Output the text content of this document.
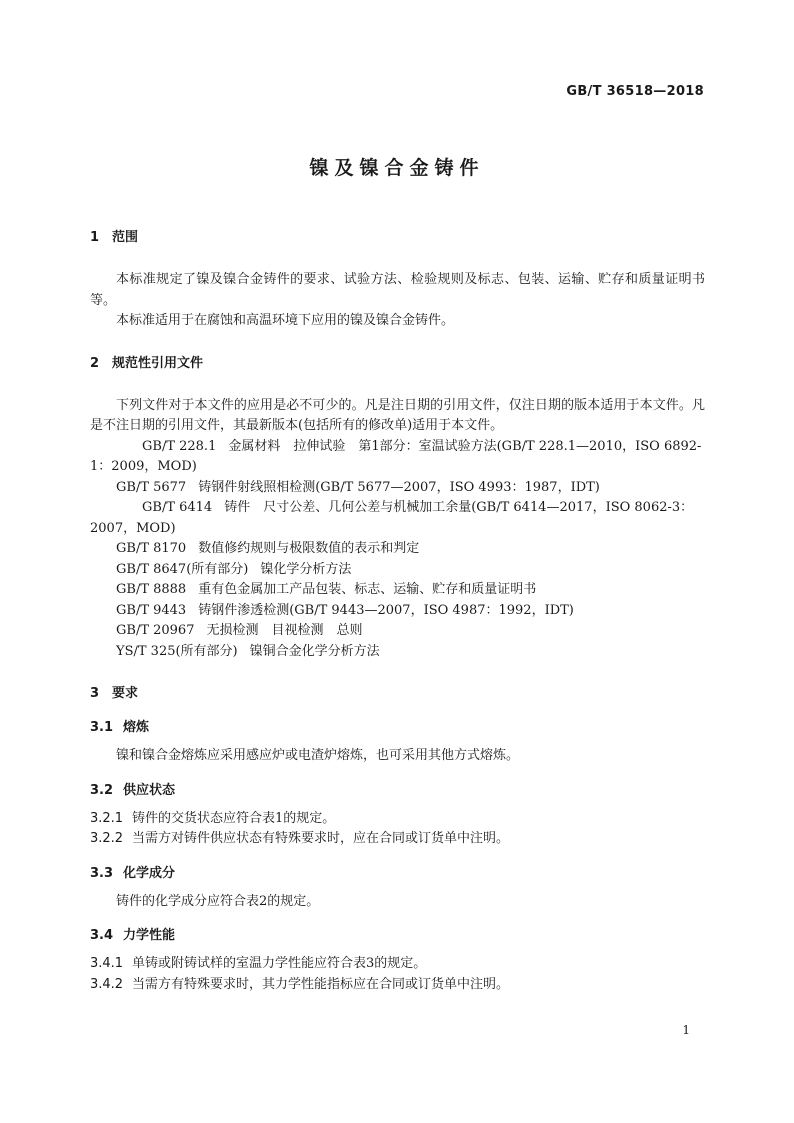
GB/T 36518—2018
镍及镍合金铸件
1 范围

本标准规定了镍及镍合金铸件的要求、试验方法、检验规则及标志、包装、运输、贮存和质量证明书等。

本标准适用于在腐蚀和高温环境下应用的镍及镍合金铸件。

2 规范性引用文件

下列文件对于本文件的应用是必不可少的。凡是注日期的引用文件，仅注日期的版本适用于本文件。凡是不注日期的引用文件，其最新版本(包括所有的修改单)适用于本文件。

GB/T 228.1 金属材料　拉伸试验　第1部分：室温试验方法(GB/T 228.1—2010，ISO 6892-1：2009，MOD)

GB/T 5677 铸钢件射线照相检测(GB/T 5677—2007，ISO 4993：1987，IDT)

GB/T 6414 铸件　尺寸公差、几何公差与机械加工余量(GB/T 6414—2017，ISO 8062-3：2007，MOD)

GB/T 8170 数值修约规则与极限数值的表示和判定

GB/T 8647(所有部分) 镍化学分析方法

GB/T 8888 重有色金属加工产品包装、标志、运输、贮存和质量证明书

GB/T 9443 铸钢件渗透检测(GB/T 9443—2007，ISO 4987：1992，IDT)

GB/T 20967 无损检测　目视检测　总则

YS/T 325(所有部分) 镍铜合金化学分析方法

3 要求
3.1 熔炼

镍和镍合金熔炼应采用感应炉或电渣炉熔炼，也可采用其他方式熔炼。

3.2 供应状态

3.2.1 铸件的交货状态应符合表1的规定。

3.2.2 当需方对铸件供应状态有特殊要求时，应在合同或订货单中注明。

3.3 化学成分

铸件的化学成分应符合表2的规定。

3.4 力学性能

3.4.1 单铸或附铸试样的室温力学性能应符合表3的规定。

3.4.2 当需方有特殊要求时，其力学性能指标应在合同或订货单中注明。

1
